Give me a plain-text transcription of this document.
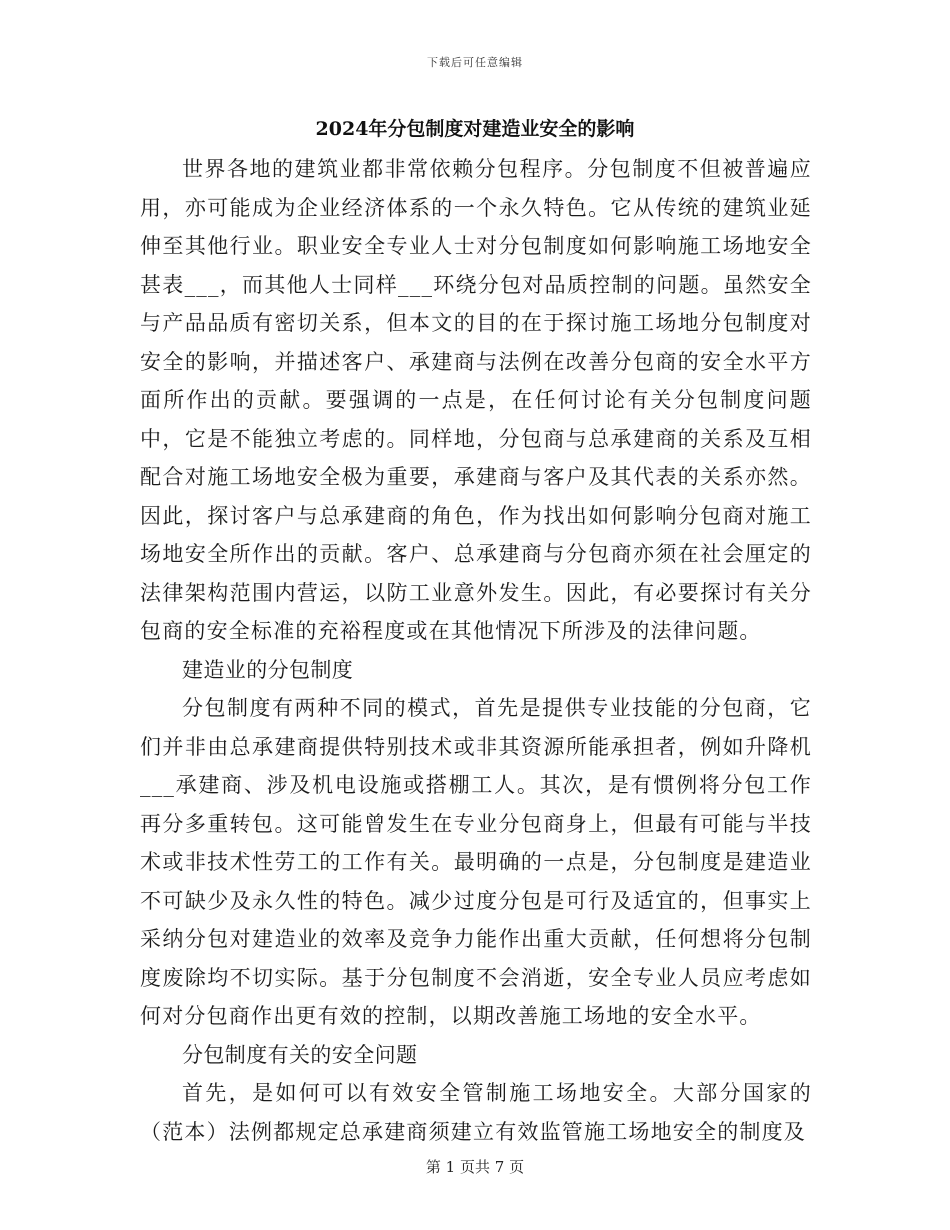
下载后可任意编辑
2024年分包制度对建造业安全的影响

世界各地的建筑业都非常依赖分包程序。分包制度不但被普遍应用，亦可能成为企业经济体系的一个永久特色。它从传统的建筑业延伸至其他行业。职业安全专业人士对分包制度如何影响施工场地安全甚表___，而其他人士同样___环绕分包对品质控制的问题。虽然安全与产品品质有密切关系，但本文的目的在于探讨施工场地分包制度对安全的影响，并描述客户、承建商与法例在改善分包商的安全水平方面所作出的贡献。要强调的一点是，在任何讨论有关分包制度问题中，它是不能独立考虑的。同样地，分包商与总承建商的关系及互相配合对施工场地安全极为重要，承建商与客户及其代表的关系亦然。因此，探讨客户与总承建商的角色，作为找出如何影响分包商对施工场地安全所作出的贡献。客户、总承建商与分包商亦须在社会厘定的法律架构范围内营运，以防工业意外发生。因此，有必要探讨有关分包商的安全标准的充裕程度或在其他情况下所涉及的法律问题。

建造业的分包制度

分包制度有两种不同的模式，首先是提供专业技能的分包商，它们并非由总承建商提供特别技术或非其资源所能承担者，例如升降机___承建商、涉及机电设施或搭棚工人。其次，是有惯例将分包工作再分多重转包。这可能曾发生在专业分包商身上，但最有可能与半技术或非技术性劳工的工作有关。最明确的一点是，分包制度是建造业不可缺少及永久性的特色。减少过度分包是可行及适宜的，但事实上采纳分包对建造业的效率及竞争力能作出重大贡献，任何想将分包制度废除均不切实际。基于分包制度不会消逝，安全专业人员应考虑如何对分包商作出更有效的控制，以期改善施工场地的安全水平。

分包制度有关的安全问题

首先，是如何可以有效安全管制施工场地安全。大部分国家的（范本）法例都规定总承建商须建立有效监管施工场地安全的制度及

第 1 页共 7 页
